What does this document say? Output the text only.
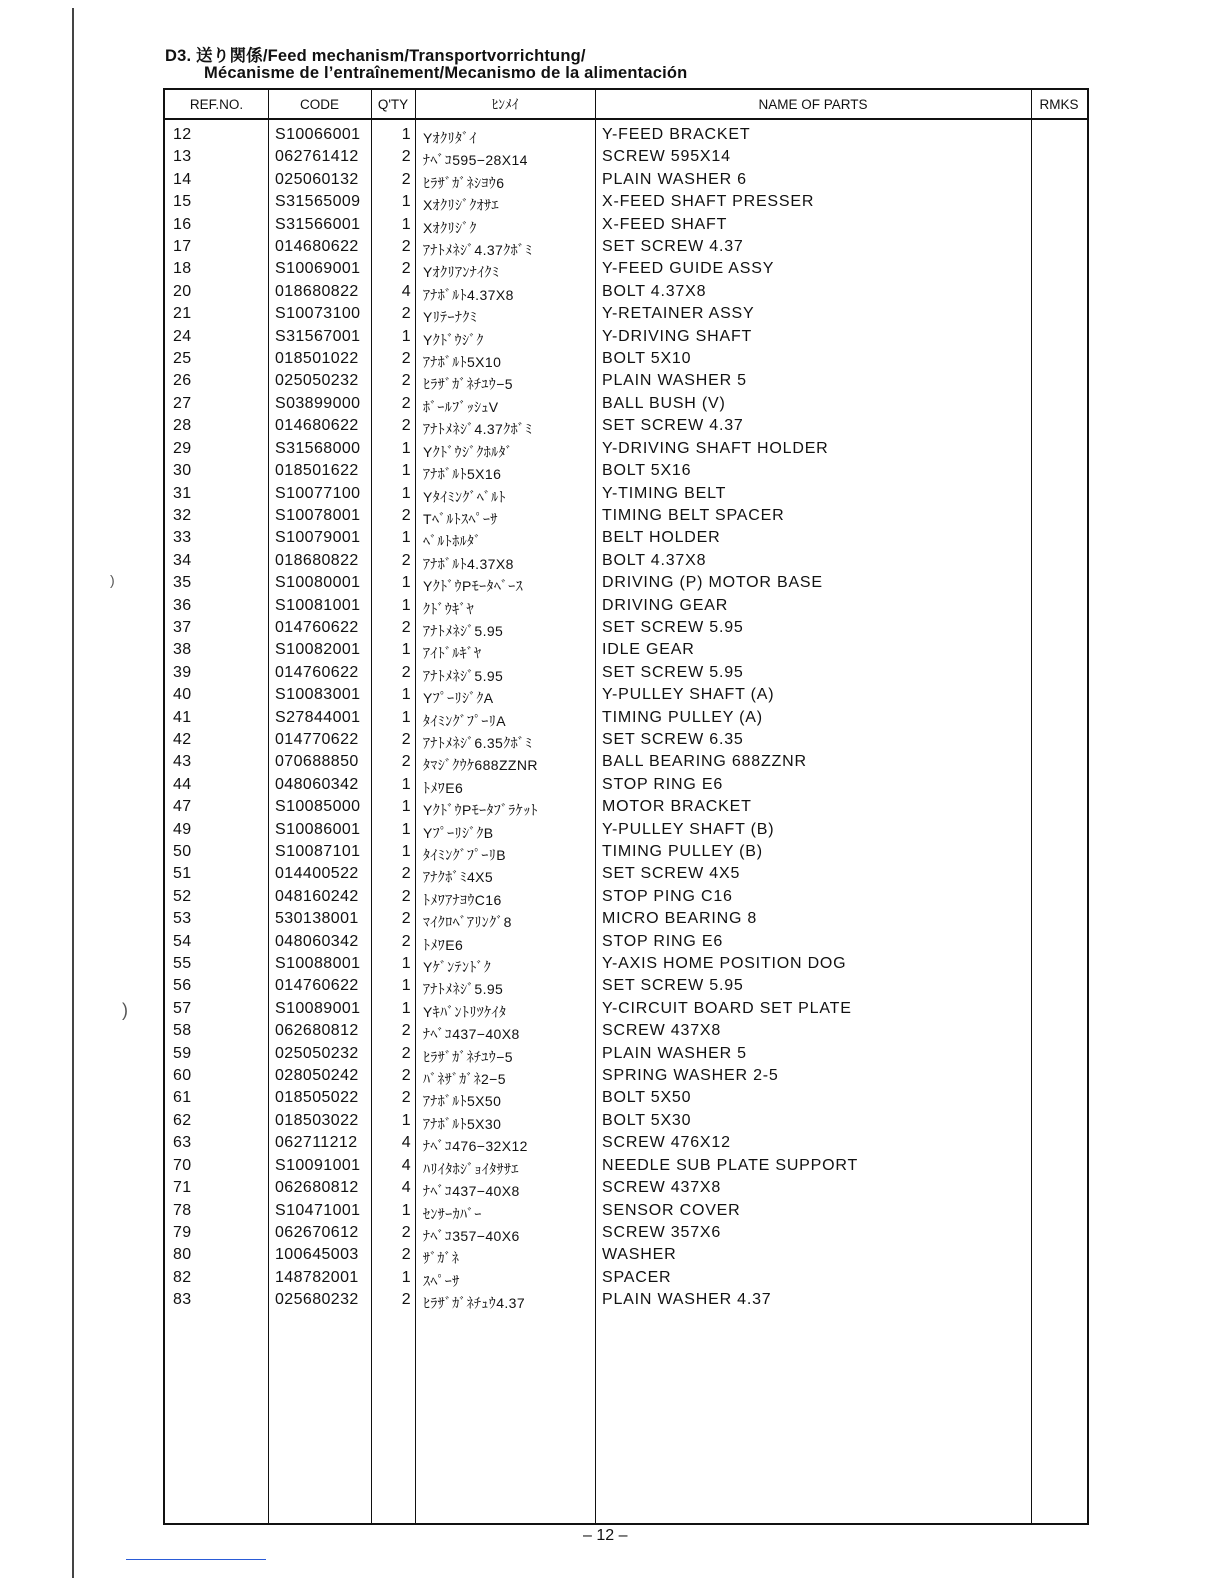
)
)
D3. 送り関係/Feed mechanism/Transportvorrichtung/
Mécanisme de l’entraînement/Mecanismo de la alimentación
REF.NO.	CODE	Q'TY	ﾋﾝﾒｲ	NAME OF PARTS	RMKS
12	S10066001	1 Yｵｸﾘﾀﾞｲ	Y-FEED BRACKET
13	062761412	2 ﾅﾍﾞｺ595−28X14	SCREW 595X14
14	025060132	2 ﾋﾗｻﾞｶﾞﾈｼﾖｳ6	PLAIN WASHER 6
15	S31565009	1 Xｵｸﾘｼﾞｸｵｻｴ	X-FEED SHAFT PRESSER
16	S31566001	1 Xｵｸﾘｼﾞｸ	X-FEED SHAFT
17	014680622	2 ｱﾅﾄﾒﾈｼﾞ4.37ｸﾎﾞﾐ	SET SCREW 4.37
18	S10069001	2 Yｵｸﾘｱﾝﾅｲｸﾐ	Y-FEED GUIDE ASSY
20	018680822	4 ｱﾅﾎﾞﾙﾄ4.37X8	BOLT 4.37X8
21	S10073100	2 Yﾘﾃｰﾅｸﾐ	Y-RETAINER ASSY
24	S31567001	1 Yｸﾄﾞｳｼﾞｸ	Y-DRIVING SHAFT
25	018501022	2 ｱﾅﾎﾞﾙﾄ5X10	BOLT 5X10
26	025050232	2 ﾋﾗｻﾞｶﾞﾈﾁﾕｳ−5	PLAIN WASHER 5
27	S03899000	2 ﾎﾞｰﾙﾌﾞｯｼｭV	BALL BUSH (V)
28	014680622	2 ｱﾅﾄﾒﾈｼﾞ4.37ｸﾎﾞﾐ	SET SCREW 4.37
29	S31568000	1 Yｸﾄﾞｳｼﾞｸﾎﾙﾀﾞ	Y-DRIVING SHAFT HOLDER
30	018501622	1 ｱﾅﾎﾞﾙﾄ5X16	BOLT 5X16
31	S10077100	1 Yﾀｲﾐﾝｸﾞﾍﾞﾙﾄ	Y-TIMING BELT
32	S10078001	2 Tﾍﾞﾙﾄｽﾍﾟｰｻ	TIMING BELT SPACER
33	S10079001	1 ﾍﾞﾙﾄﾎﾙﾀﾞ	BELT HOLDER
34	018680822	2 ｱﾅﾎﾞﾙﾄ4.37X8	BOLT 4.37X8
35	S10080001	1 YｸﾄﾞｳPﾓｰﾀﾍﾞｰｽ	DRIVING (P) MOTOR BASE
36	S10081001	1 ｸﾄﾞｳｷﾞﾔ	DRIVING GEAR
37	014760622	2 ｱﾅﾄﾒﾈｼﾞ5.95	SET SCREW 5.95
38	S10082001	1 ｱｲﾄﾞﾙｷﾞﾔ	IDLE GEAR
39	014760622	2 ｱﾅﾄﾒﾈｼﾞ5.95	SET SCREW 5.95
40	S10083001	1 YﾌﾟｰﾘｼﾞｸA	Y-PULLEY SHAFT (A)
41	S27844001	1 ﾀｲﾐﾝｸﾞﾌﾟｰﾘA	TIMING PULLEY (A)
42	014770622	2 ｱﾅﾄﾒﾈｼﾞ6.35ｸﾎﾞﾐ	SET SCREW 6.35
43	070688850	2 ﾀﾏｼﾞｸｳｹ688ZZNR	BALL BEARING 688ZZNR
44	048060342	1 ﾄﾒﾜE6	STOP RING E6
47	S10085000	1 YｸﾄﾞｳPﾓｰﾀﾌﾞﾗｹｯﾄ	MOTOR BRACKET
49	S10086001	1 YﾌﾟｰﾘｼﾞｸB	Y-PULLEY SHAFT (B)
50	S10087101	1 ﾀｲﾐﾝｸﾞﾌﾟｰﾘB	TIMING PULLEY (B)
51	014400522	2 ｱﾅｸﾎﾞﾐ4X5	SET SCREW 4X5
52	048160242	2 ﾄﾒﾜｱﾅﾖｳC16	STOP PING C16
53	530138001	2 ﾏｲｸﾛﾍﾞｱﾘﾝｸﾞ8	MICRO BEARING 8
54	048060342	2 ﾄﾒﾜE6	STOP RING E6
55	S10088001	1 Yｹﾞﾝﾃﾝﾄﾞｸ	Y-AXIS HOME POSITION DOG
56	014760622	1 ｱﾅﾄﾒﾈｼﾞ5.95	SET SCREW 5.95
57	S10089001	1 Yｷﾊﾞﾝﾄﾘﾂｹｲﾀ	Y-CIRCUIT BOARD SET PLATE
58	062680812	2 ﾅﾍﾞｺ437−40X8	SCREW 437X8
59	025050232	2 ﾋﾗｻﾞｶﾞﾈﾁﾕｳ−5	PLAIN WASHER 5
60	028050242	2 ﾊﾞﾈｻﾞｶﾞﾈ2−5	SPRING WASHER 2-5
61	018505022	2 ｱﾅﾎﾞﾙﾄ5X50	BOLT 5X50
62	018503022	1 ｱﾅﾎﾞﾙﾄ5X30	BOLT 5X30
63	062711212	4 ﾅﾍﾞｺ476−32X12	SCREW 476X12
70	S10091001	4 ﾊﾘｲﾀﾎｼﾞｮｲﾀｻｻｴ	NEEDLE SUB PLATE SUPPORT
71	062680812	4 ﾅﾍﾞｺ437−40X8	SCREW 437X8
78	S10471001	1 ｾﾝｻｰｶﾊﾞｰ	SENSOR COVER
79	062670612	2 ﾅﾍﾞｺ357−40X6	SCREW 357X6
80	100645003	2 ｻﾞｶﾞﾈ	WASHER
82	148782001	1 ｽﾍﾟｰｻ	SPACER
83	025680232	2 ﾋﾗｻﾞｶﾞﾈﾁｭｳ4.37	PLAIN WASHER 4.37
– 12 –
